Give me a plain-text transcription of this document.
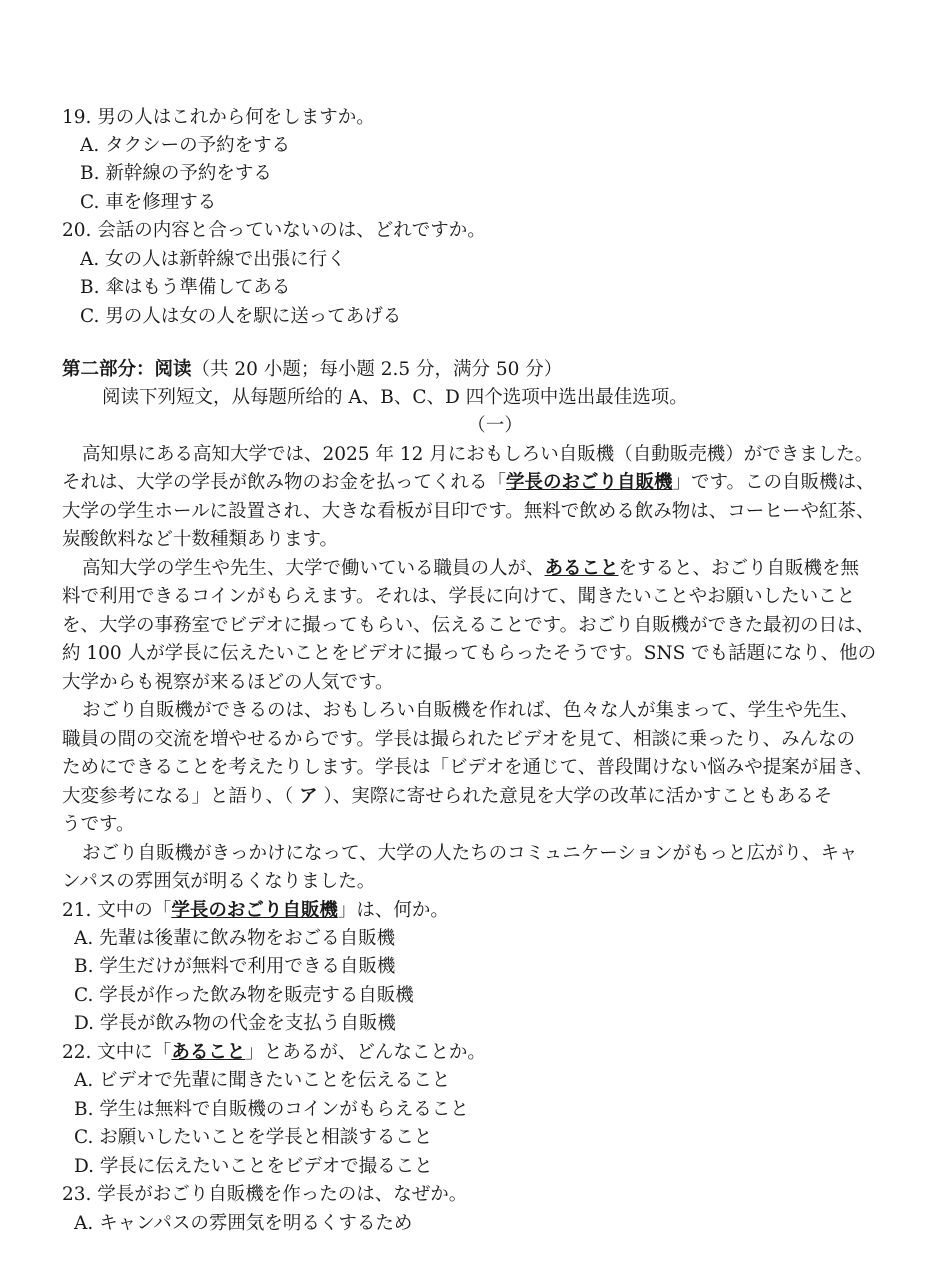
19. 男の人はこれから何をしますか。
A. タクシーの予約をする
B. 新幹線の予約をする
C. 車を修理する
20. 会話の内容と合っていないのは、どれですか。
A. 女の人は新幹線で出張に行く
B. 傘はもう準備してある
C. 男の人は女の人を駅に送ってあげる
第二部分：阅读（共 20 小题；每小题 2.5 分，满分 50 分）
阅读下列短文，从每题所给的 A、B、C、D 四个选项中选出最佳选项。
（一）
高知県にある高知大学では、2025 年 12 月におもしろい自販機（自動販売機）ができました。
それは、大学の学長が飲み物のお金を払ってくれる「学長のおごり自販機」です。この自販機は、
大学の学生ホールに設置され、大きな看板が目印です。無料で飲める飲み物は、コーヒーや紅茶、
炭酸飲料など十数種類あります。
高知大学の学生や先生、大学で働いている職員の人が、あることをすると、おごり自販機を無
料で利用できるコインがもらえます。それは、学長に向けて、聞きたいことやお願いしたいこと
を、大学の事務室でビデオに撮ってもらい、伝えることです。おごり自販機ができた最初の日は、
約 100 人が学長に伝えたいことをビデオに撮ってもらったそうです。SNS でも話題になり、他の
大学からも視察が来るほどの人気です。
おごり自販機ができるのは、おもしろい自販機を作れば、色々な人が集まって、学生や先生、
職員の間の交流を増やせるからです。学長は撮られたビデオを見て、相談に乗ったり、みんなの
ためにできることを考えたりします。学長は「ビデオを通じて、普段聞けない悩みや提案が届き、
大変参考になる」と語り、（ ア ）、実際に寄せられた意見を大学の改革に活かすこともあるそ
うです。
おごり自販機がきっかけになって、大学の人たちのコミュニケーションがもっと広がり、キャ
ンパスの雰囲気が明るくなりました。
21. 文中の「学長のおごり自販機」は、何か。
A. 先輩は後輩に飲み物をおごる自販機
B. 学生だけが無料で利用できる自販機
C. 学長が作った飲み物を販売する自販機
D. 学長が飲み物の代金を支払う自販機
22. 文中に「あること」とあるが、どんなことか。
A. ビデオで先輩に聞きたいことを伝えること
B. 学生は無料で自販機のコインがもらえること
C. お願いしたいことを学長と相談すること
D. 学長に伝えたいことをビデオで撮ること
23. 学長がおごり自販機を作ったのは、なぜか。
A. キャンパスの雰囲気を明るくするため
